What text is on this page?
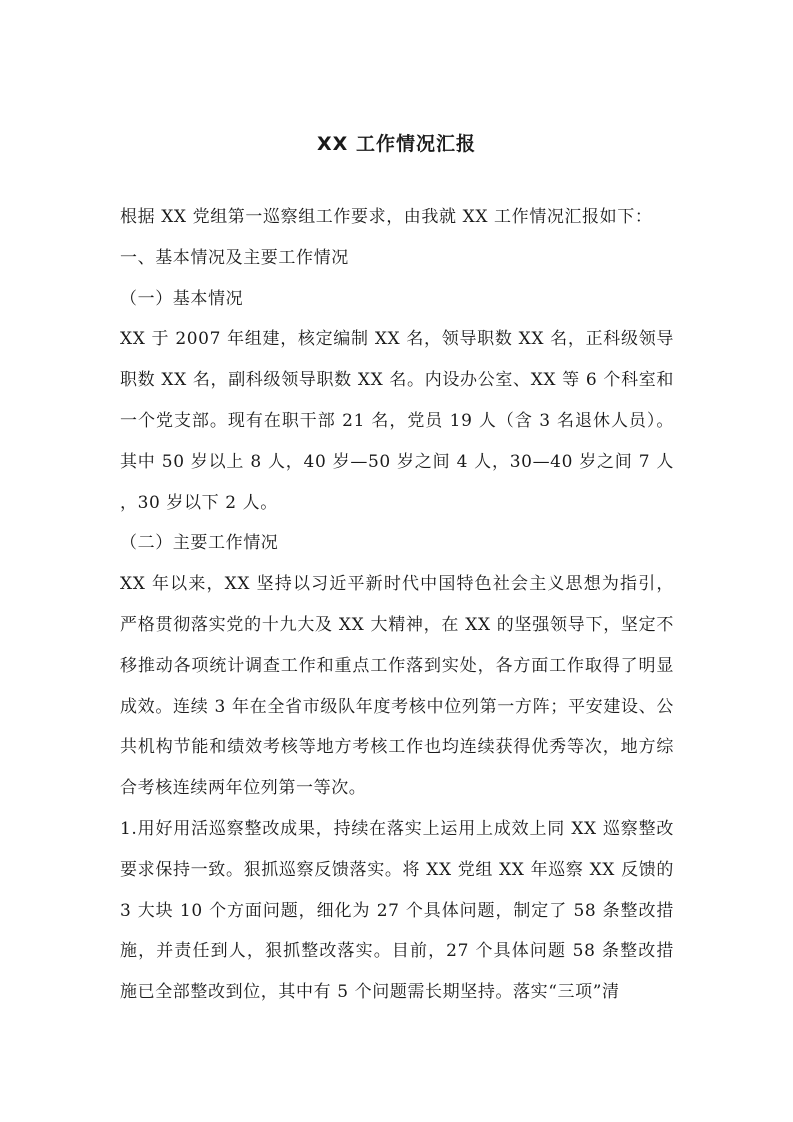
XX 工作情况汇报

根据 XX 党组第一巡察组工作要求，由我就 XX 工作情况汇报如下：

一、基本情况及主要工作情况

（一）基本情况

XX 于 2007 年组建，核定编制 XX 名，领导职数 XX 名，正科级领导职数 XX 名，副科级领导职数 XX 名。内设办公室、XX 等 6 个科室和一个党支部。现有在职干部 21 名，党员 19 人（含 3 名退休人员）。其中 50 岁以上 8 人，40 岁—50 岁之间 4 人，30—40 岁之间 7 人，30 岁以下 2 人。

（二）主要工作情况

XX 年以来，XX 坚持以习近平新时代中国特色社会主义思想为指引，严格贯彻落实党的十九大及 XX 大精神，在 XX 的坚强领导下，坚定不移推动各项统计调查工作和重点工作落到实处，各方面工作取得了明显成效。连续 3 年在全省市级队年度考核中位列第一方阵；平安建设、公共机构节能和绩效考核等地方考核工作也均连续获得优秀等次，地方综合考核连续两年位列第一等次。

1.用好用活巡察整改成果，持续在落实上运用上成效上同 XX 巡察整改要求保持一致。狠抓巡察反馈落实。将 XX 党组 XX 年巡察 XX 反馈的 3 大块 10 个方面问题，细化为 27 个具体问题，制定了 58 条整改措施，并责任到人，狠抓整改落实。目前，27 个具体问题 58 条整改措施已全部整改到位，其中有 5 个问题需长期坚持。落实“三项”清
